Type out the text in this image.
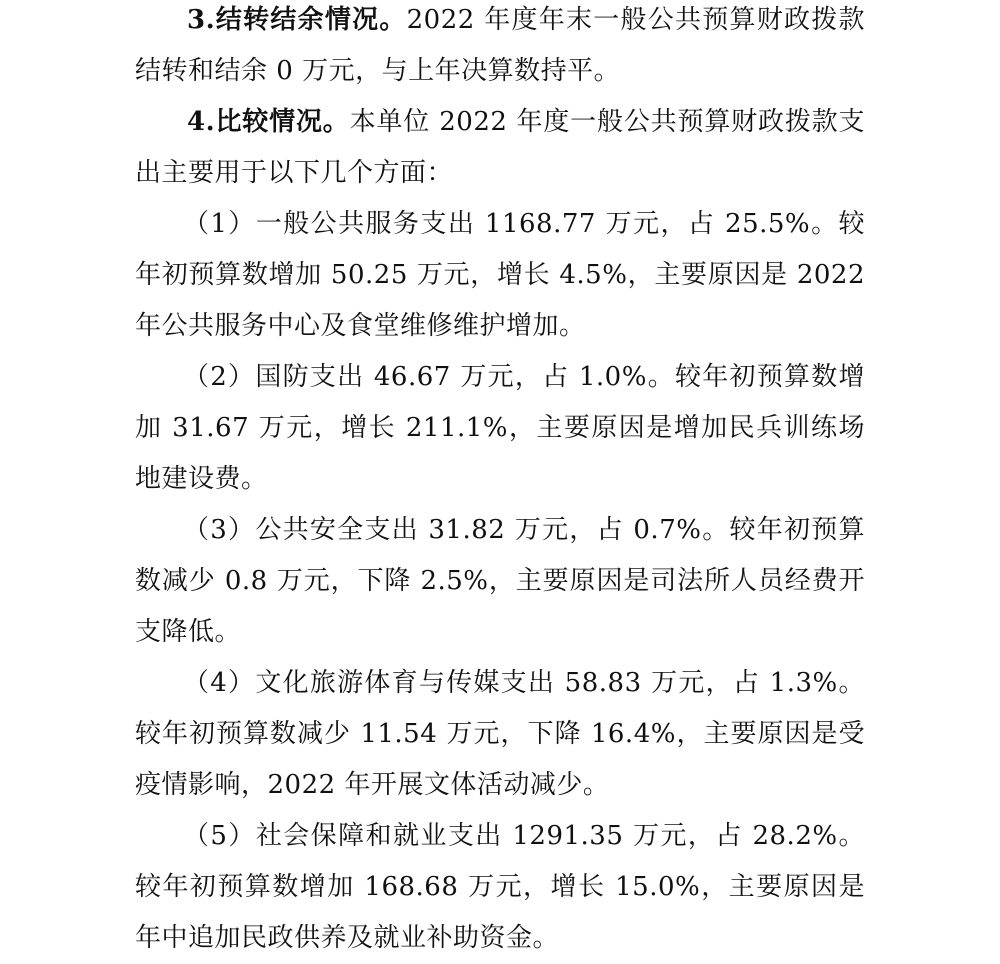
3.结转结余情况。2022 年度年末一般公共预算财政拨款结转和结余 0 万元，与上年决算数持平。

4.比较情况。本单位 2022 年度一般公共预算财政拨款支出主要用于以下几个方面：

（1）一般公共服务支出 1168.77 万元，占 25.5%。较年初预算数增加 50.25 万元，增长 4.5%，主要原因是 2022 年公共服务中心及食堂维修维护增加。

（2）国防支出 46.67 万元，占 1.0%。较年初预算数增加 31.67 万元，增长 211.1%，主要原因是增加民兵训练场地建设费。

（3）公共安全支出 31.82 万元，占 0.7%。较年初预算数减少 0.8 万元，下降 2.5%，主要原因是司法所人员经费开支降低。

（4）文化旅游体育与传媒支出 58.83 万元，占 1.3%。较年初预算数减少 11.54 万元，下降 16.4%，主要原因是受疫情影响，2022 年开展文体活动减少。

（5）社会保障和就业支出 1291.35 万元，占 28.2%。较年初预算数增加 168.68 万元，增长 15.0%，主要原因是年中追加民政供养及就业补助资金。
